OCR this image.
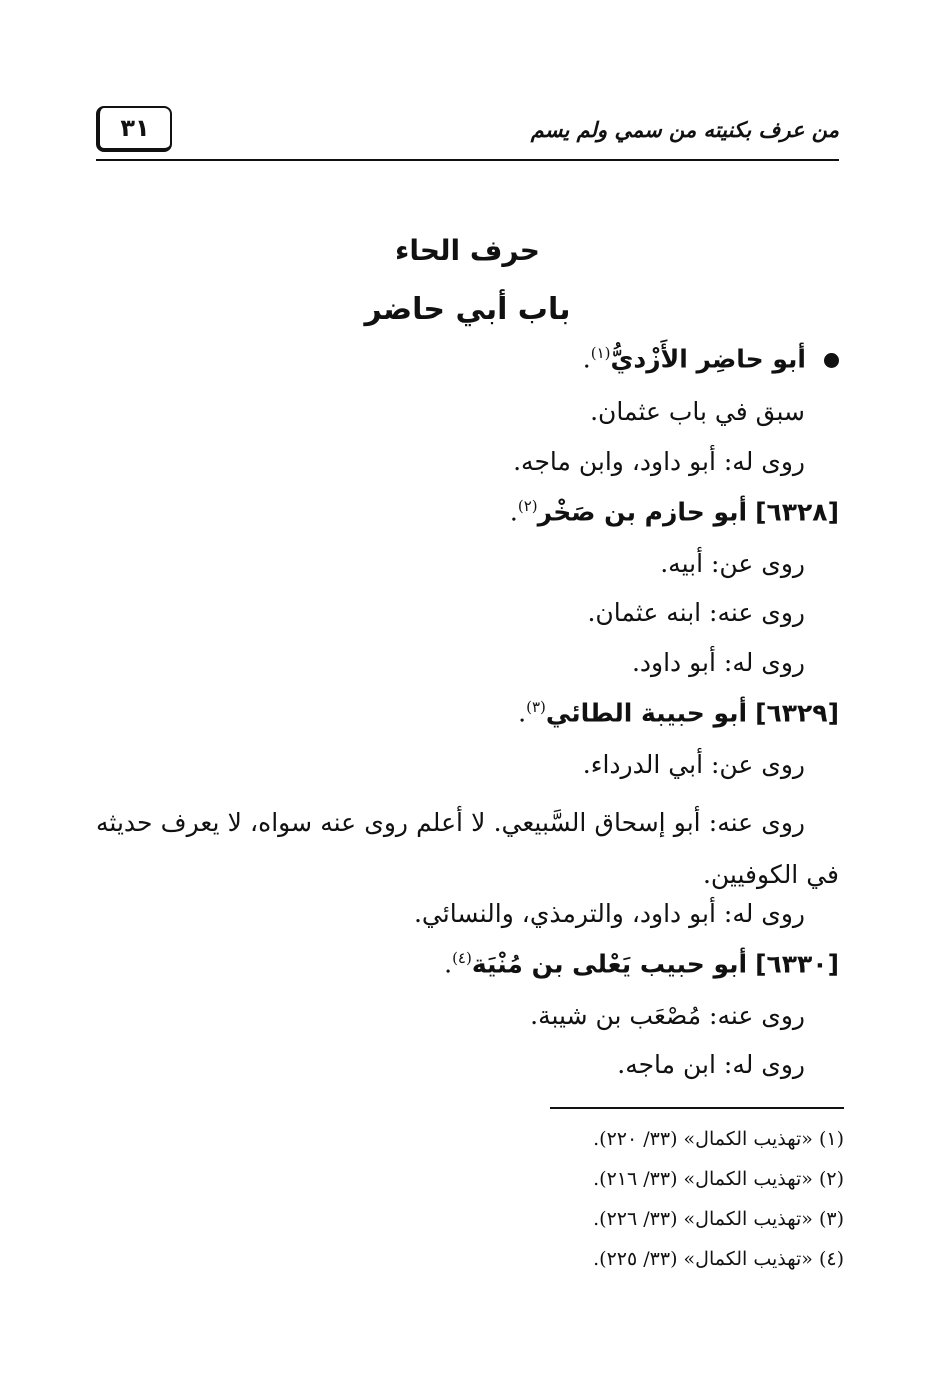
من عرف بكنيته من سمي ولم يسم
٣١
حرف الحاء
باب أبي حاضر
أبو حاضِر الأَزْديُّ$^{(١)}$.
سبق في باب عثمان.
روى له: أبو داود، وابن ماجه.
[٦٣٢٨] أبو حازم بن صَخْر$^{(٢)}$.
روى عن: أبيه.
روى عنه: ابنه عثمان.
روى له: أبو داود.
[٦٣٢٩] أبو حبيبة الطائي$^{(٣)}$.
روى عن: أبي الدرداء.
روى عنه: أبو إسحاق السَّبيعي. لا أعلم روى عنه سواه، لا يعرف حديثه في الكوفيين.
روى له: أبو داود، والترمذي، والنسائي.
[٦٣٣٠] أبو حبيب يَعْلى بن مُنْيَة$^{(٤)}$.
روى عنه: مُصْعَب بن شيبة.
روى له: ابن ماجه.
(١) «تهذيب الكمال» (٣٣/ ٢٢٠).
(٢) «تهذيب الكمال» (٣٣/ ٢١٦).
(٣) «تهذيب الكمال» (٣٣/ ٢٢٦).
(٤) «تهذيب الكمال» (٣٣/ ٢٢٥).
